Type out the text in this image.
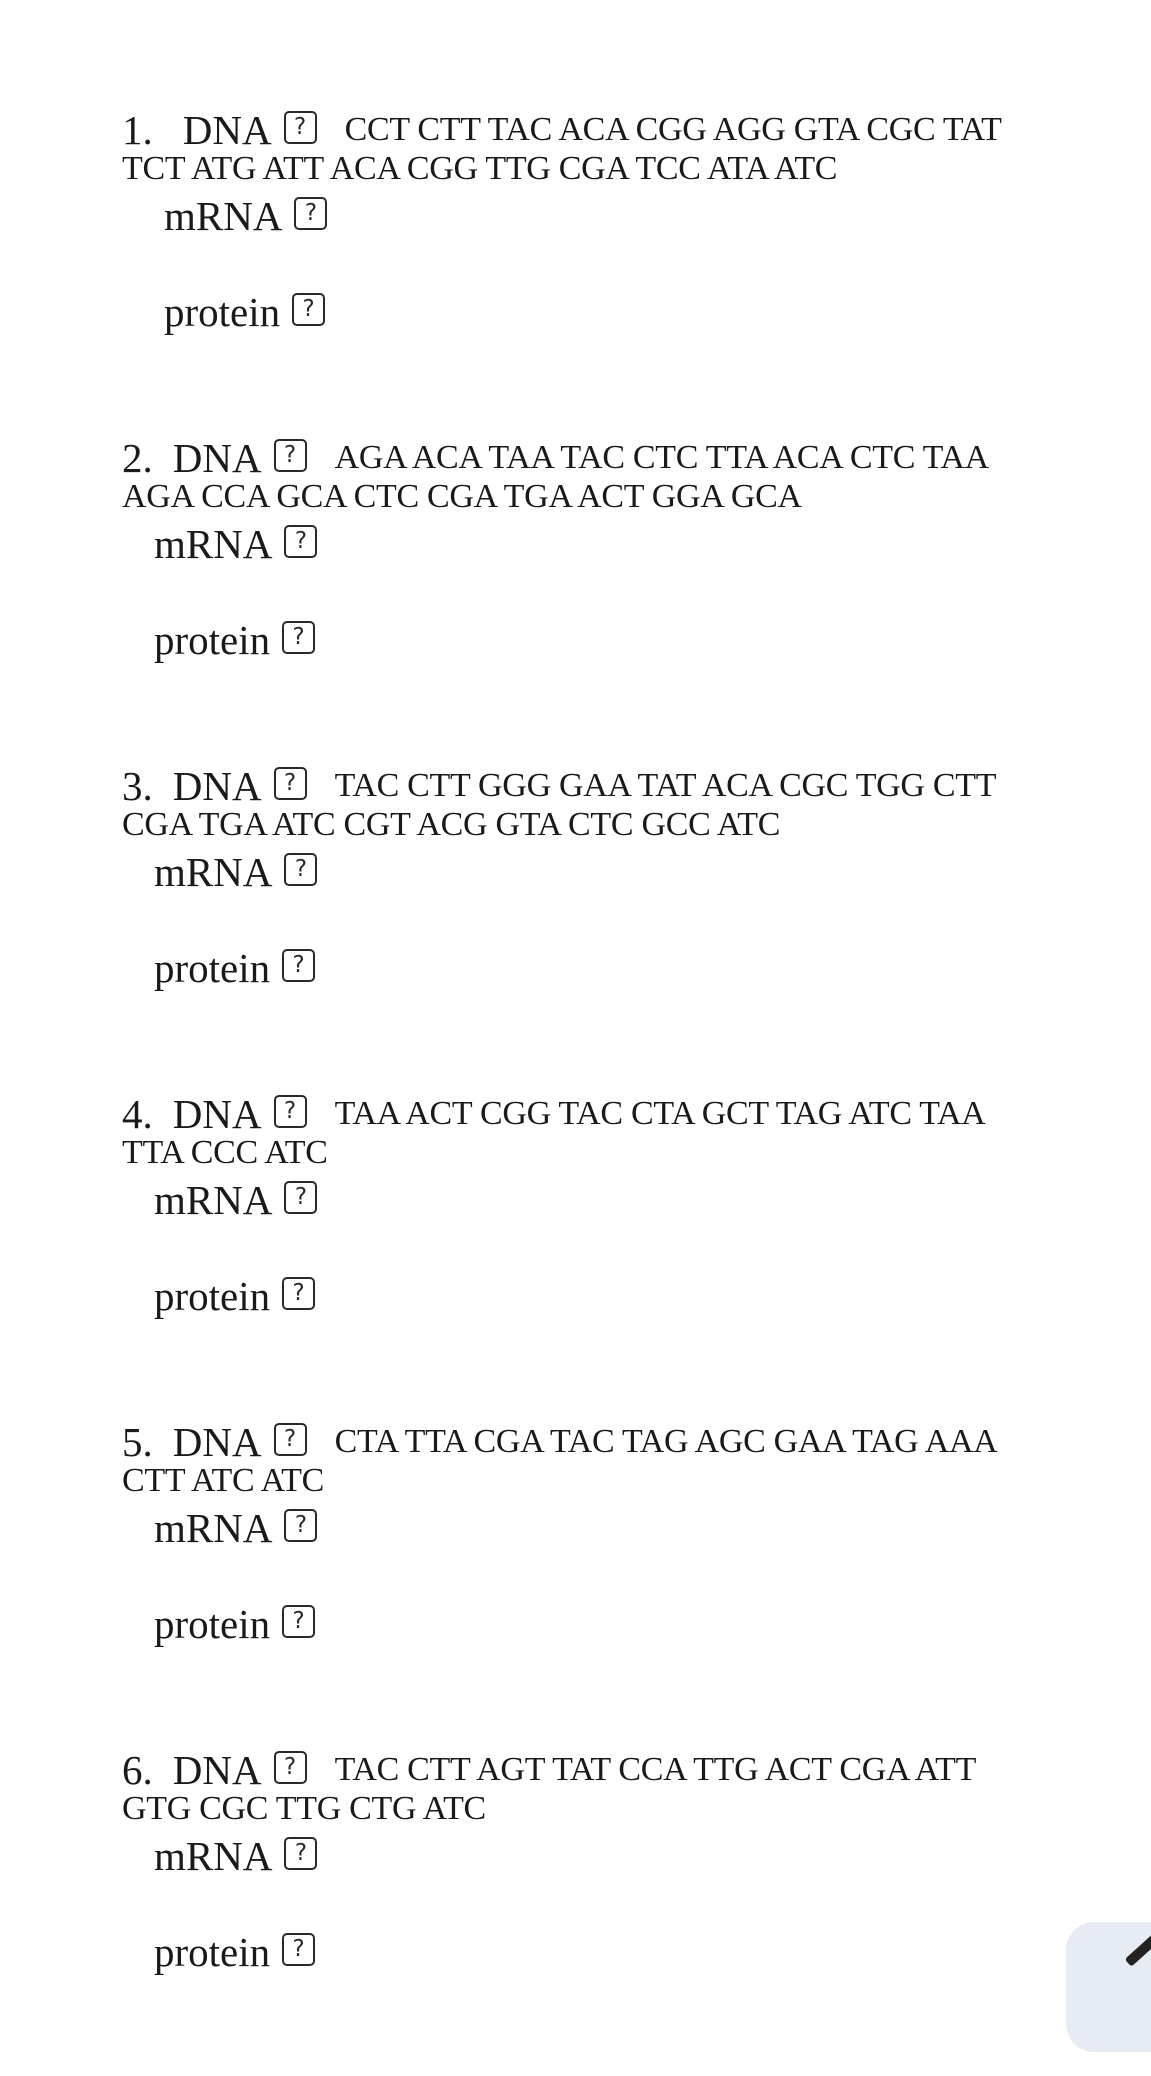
1. DNA ?	CCT CTT TAC ACA CGG AGG GTA CGC TAT
TCT ATG ATT ACA CGG TTG CGA TCC ATA ATC
mRNA ?
protein ?
2. DNA ?	AGA ACA TAA TAC CTC TTA ACA CTC TAA
AGA CCA GCA CTC CGA TGA ACT GGA GCA
mRNA ?
protein ?
3. DNA ?	TAC CTT GGG GAA TAT ACA CGC TGG CTT
CGA TGA ATC CGT ACG GTA CTC GCC ATC
mRNA ?
protein ?
4. DNA ?	TAA ACT CGG TAC CTA GCT TAG ATC TAA
TTA CCC ATC
mRNA ?
protein ?
5. DNA ?	CTA TTA CGA TAC TAG AGC GAA TAG AAA
CTT ATC ATC
mRNA ?
protein ?
6. DNA ?	TAC CTT AGT TAT CCA TTG ACT CGA ATT
GTG CGC TTG CTG ATC
mRNA ?
protein ?
